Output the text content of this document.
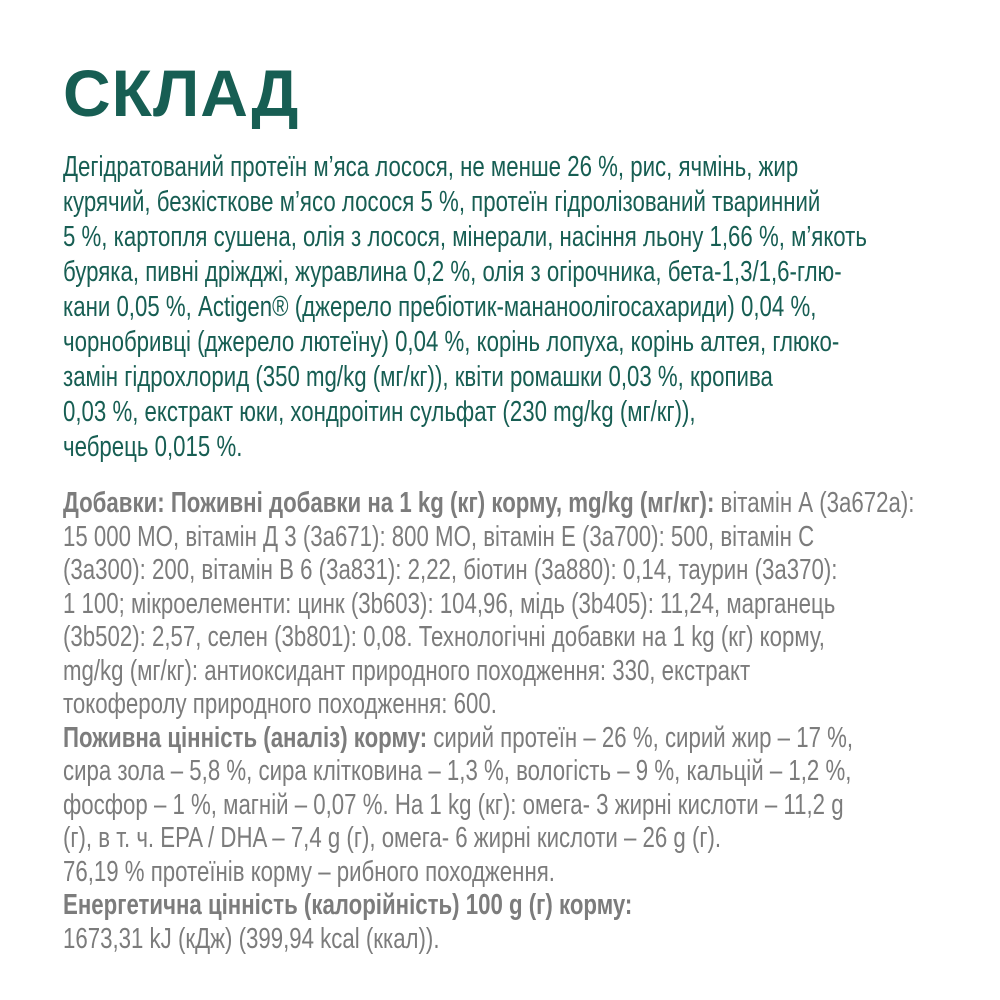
СКЛАД
Дегідратований протеїн м’яса лосося, не менше 26 %, рис, ячмінь, жир
курячий, безкісткове м’ясо лосося 5 %, протеїн гідролізований тваринний
5 %, картопля сушена, олія з лосося, мінерали, насіння льону 1,66 %, м’якоть
буряка, пивні дріжджі, журавлина 0,2 %, олія з огірочника, бета-1,3/1,6-глю-
кани 0,05 %, Actigen® (джерело пребіотик-мананоолігосахариди) 0,04 %,
чорнобривці (джерело лютеїну) 0,04 %, корінь лопуха, корінь алтея, глюко-
замін гідрохлорид (350 mg/kg (мг/кг)), квіти ромашки 0,03 %, кропива
0,03 %, екстракт юки, хондроітин сульфат (230 mg/kg (мг/кг)),
чебрець 0,015 %.
Добавки: Поживні добавки на 1 kg (кг) корму, mg/kg (мг/кг): вітамін А (3a672a):
15 000 МО, вітамін Д 3 (3a671): 800 МО, вітамін Е (3a700): 500, вітамін С
(3a300): 200, вітамін В 6 (3a831): 2,22, біотин (3a880): 0,14, таурин (3a370):
1 100; мікроелементи: цинк (3b603): 104,96, мідь (3b405): 11,24, марганець
(3b502): 2,57, селен (3b801): 0,08. Технологічні добавки на 1 kg (кг) корму,
mg/kg (мг/кг): антиоксидант природного походження: 330, екстракт
токоферолу природного походження: 600.
Поживна цінність (аналіз) корму: сирий протеїн – 26 %, сирий жир – 17 %,
сира зола – 5,8 %, сира клітковина – 1,3 %, вологість – 9 %, кальцій – 1,2 %,
фосфор – 1 %, магній – 0,07 %. На 1 kg (кг): омега- 3 жирні кислоти – 11,2 g
(г), в т. ч. EPA / DHA – 7,4 g (г), омега- 6 жирні кислоти – 26 g (г).
76,19 % протеїнів корму – рибного походження.
Енергетична цінність (калорійність) 100 g (г) корму:
1673,31 kJ (кДж) (399,94 kcal (ккал)).
